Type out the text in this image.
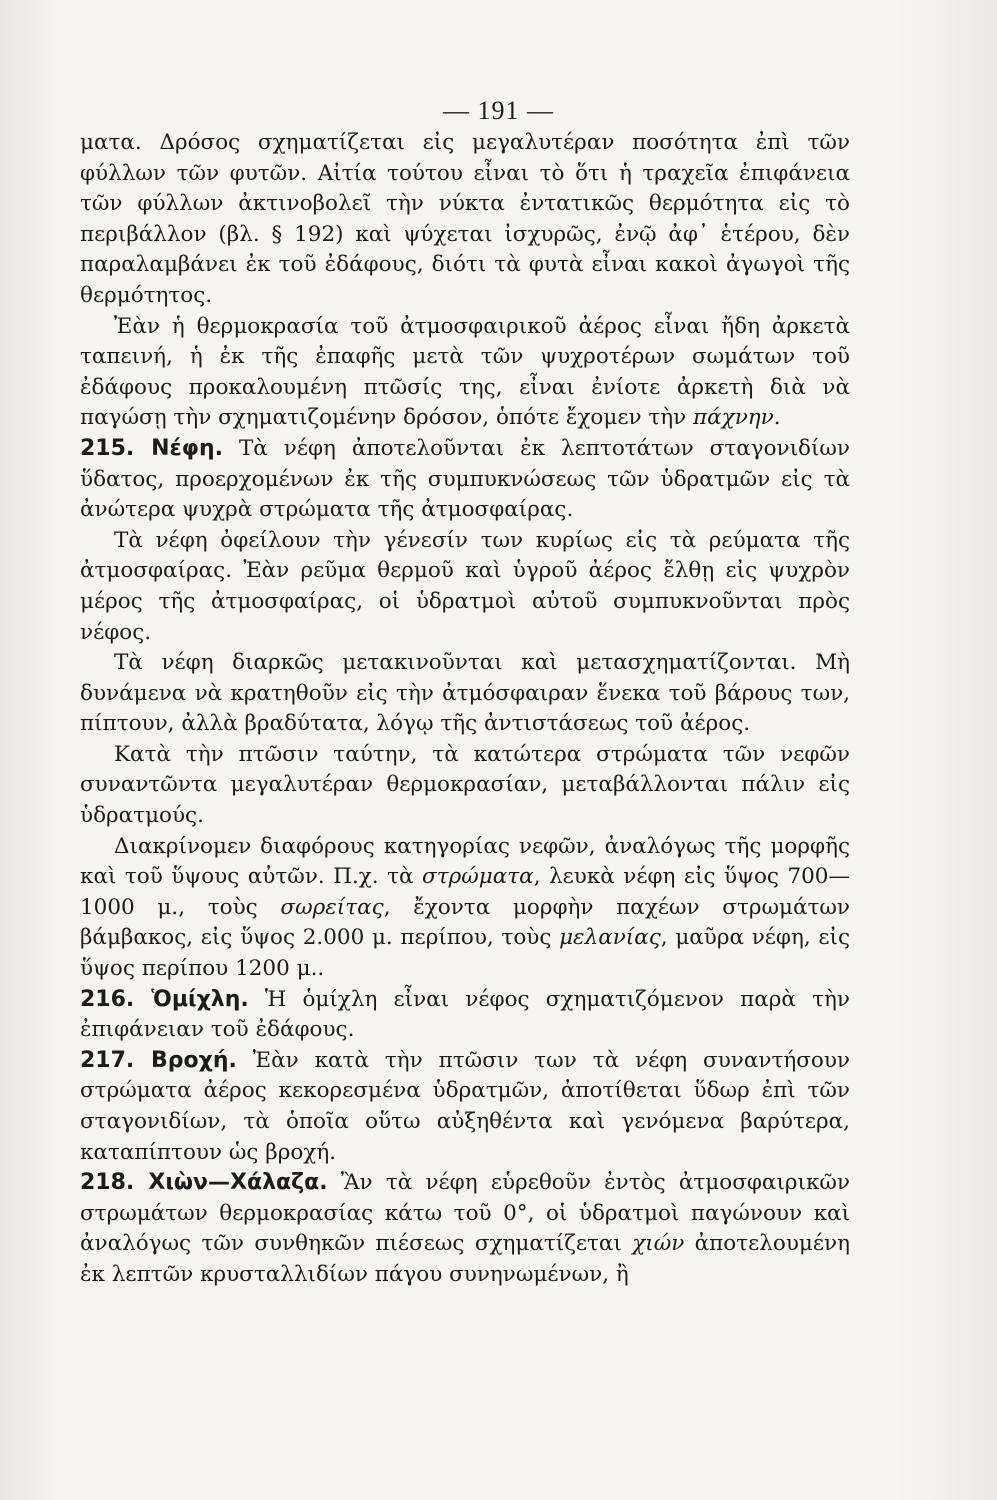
— 191 —

ματα. Δρόσος σχηματίζεται εἰς μεγαλυτέραν ποσότητα ἐπὶ τῶν φύλλων τῶν φυτῶν. Αἰτία τούτου εἶναι τὸ ὅτι ἡ τραχεῖα ἐπιφάνεια τῶν φύλλων ἀκτινοβολεῖ τὴν νύκτα ἐντατικῶς θερμότητα εἰς τὸ περιβάλλον (βλ. § 192) καὶ ψύχεται ἰσχυρῶς, ἐνῷ ἀφ᾽ ἑτέρου, δὲν παραλαμβάνει ἐκ τοῦ ἐδάφους, διότι τὰ φυτὰ εἶναι κακοὶ ἀγωγοὶ τῆς θερμότητος.

Ἐὰν ἡ θερμοκρασία τοῦ ἀτμοσφαιρικοῦ ἀέρος εἶναι ἤδη ἀρκετὰ ταπεινή, ἡ ἐκ τῆς ἐπαφῆς μετὰ τῶν ψυχροτέρων σωμάτων τοῦ ἐδάφους προκαλουμένη πτῶσίς της, εἶναι ἐνίοτε ἀρκετὴ διὰ νὰ παγώσῃ τὴν σχηματιζομένην δρόσον, ὁπότε ἔχομεν τὴν πάχνην.

215. Νέφη. Τὰ νέφη ἀποτελοῦνται ἐκ λεπτοτάτων σταγονιδίων ὕδατος, προερχομένων ἐκ τῆς συμπυκνώσεως τῶν ὑδρατμῶν εἰς τὰ ἀνώτερα ψυχρὰ στρώματα τῆς ἀτμοσφαίρας.

Τὰ νέφη ὀφείλουν τὴν γένεσίν των κυρίως εἰς τὰ ρεύματα τῆς ἀτμοσφαίρας. Ἐὰν ρεῦμα θερμοῦ καὶ ὑγροῦ ἀέρος ἔλθῃ εἰς ψυχρὸν μέρος τῆς ἀτμοσφαίρας, οἱ ὑδρατμοὶ αὐτοῦ συμπυκνοῦνται πρὸς νέφος.

Τὰ νέφη διαρκῶς μετακινοῦνται καὶ μετασχηματίζονται. Μὴ δυνάμενα νὰ κρατηθοῦν εἰς τὴν ἀτμόσφαιραν ἕνεκα τοῦ βάρους των, πίπτουν, ἀλλὰ βραδύτατα, λόγῳ τῆς ἀντιστάσεως τοῦ ἀέρος.

Κατὰ τὴν πτῶσιν ταύτην, τὰ κατώτερα στρώματα τῶν νεφῶν συναντῶντα μεγαλυτέραν θερμοκρασίαν, μεταβάλλονται πάλιν εἰς ὑδρατμούς.

Διακρίνομεν διαφόρους κατηγορίας νεφῶν, ἀναλόγως τῆς μορφῆς καὶ τοῦ ὕψους αὐτῶν. Π.χ. τὰ στρώματα, λευκὰ νέφη εἰς ὕψος 700—1000 μ., τοὺς σωρείτας, ἔχοντα μορφὴν παχέων στρωμάτων βάμβακος, εἰς ὕψος 2.000 μ. περίπου, τοὺς μελανίας, μαῦρα νέφη, εἰς ὕψος περίπου 1200 μ..

216. Ὁμίχλη. Ἡ ὁμίχλη εἶναι νέφος σχηματιζόμενον παρὰ τὴν ἐπιφάνειαν τοῦ ἐδάφους.

217. Βροχή. Ἐὰν κατὰ τὴν πτῶσιν των τὰ νέφη συναντήσουν στρώματα ἀέρος κεκορεσμένα ὑδρατμῶν, ἀποτίθεται ὕδωρ ἐπὶ τῶν σταγονιδίων, τὰ ὁποῖα οὕτω αὐξηθέντα καὶ γενόμενα βαρύτερα, καταπίπτουν ὡς βροχή.

218. Χιὼν—Χάλαζα. Ἂν τὰ νέφη εὑρεθοῦν ἐντὸς ἀτμοσφαιρικῶν στρωμάτων θερμοκρασίας κάτω τοῦ 0°, οἱ ὑδρατμοὶ παγώνουν καὶ ἀναλόγως τῶν συνθηκῶν πιέσεως σχηματίζεται χιών ἀποτελουμένη ἐκ λεπτῶν κρυσταλλιδίων πάγου συνηνωμένων, ἢ
